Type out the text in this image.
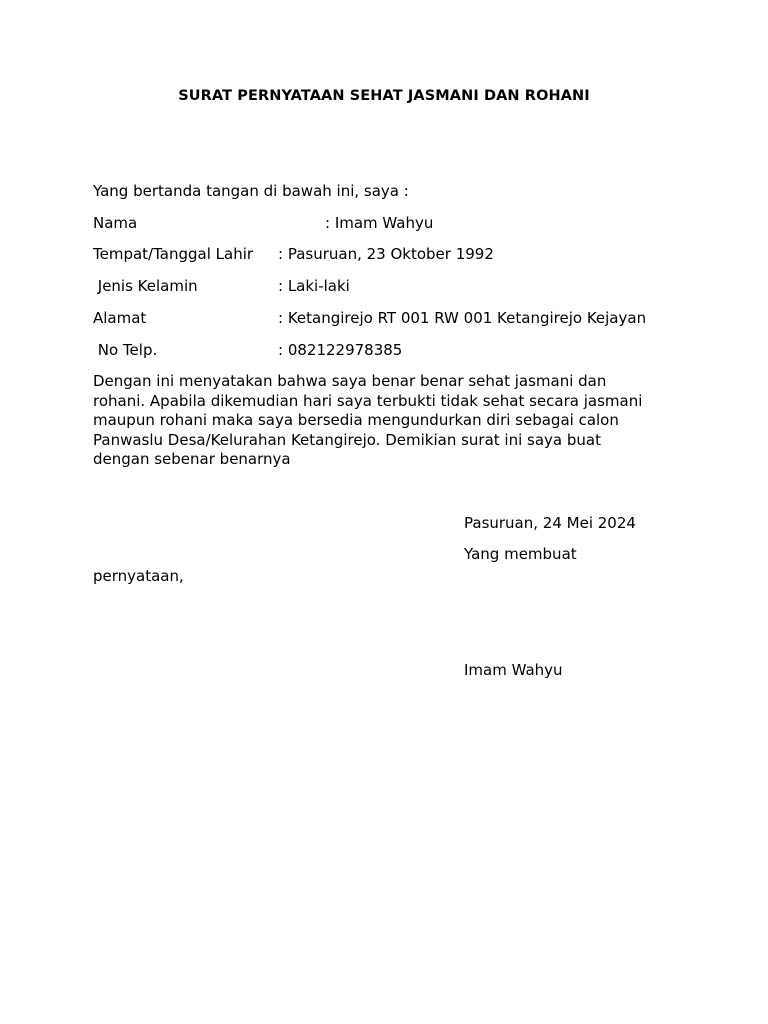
SURAT PERNYATAAN SEHAT JASMANI DAN ROHANI
Yang bertanda tangan di bawah ini, saya :
Nama	: Imam Wahyu
Tempat/Tanggal Lahir : Pasuruan, 23 Oktober 1992
Jenis Kelamin	: Laki-laki
Alamat	: Ketangirejo RT 001 RW 001 Ketangirejo Kejayan
No Telp.	: 082122978385
Dengan ini menyatakan bahwa saya benar benar sehat jasmani dan
rohani. Apabila dikemudian hari saya terbukti tidak sehat secara jasmani
maupun rohani maka saya bersedia mengundurkan diri sebagai calon
Panwaslu Desa/Kelurahan Ketangirejo. Demikian surat ini saya buat
dengan sebenar benarnya
Pasuruan, 24 Mei 2024
Yang membuat
pernyataan,
Imam Wahyu
